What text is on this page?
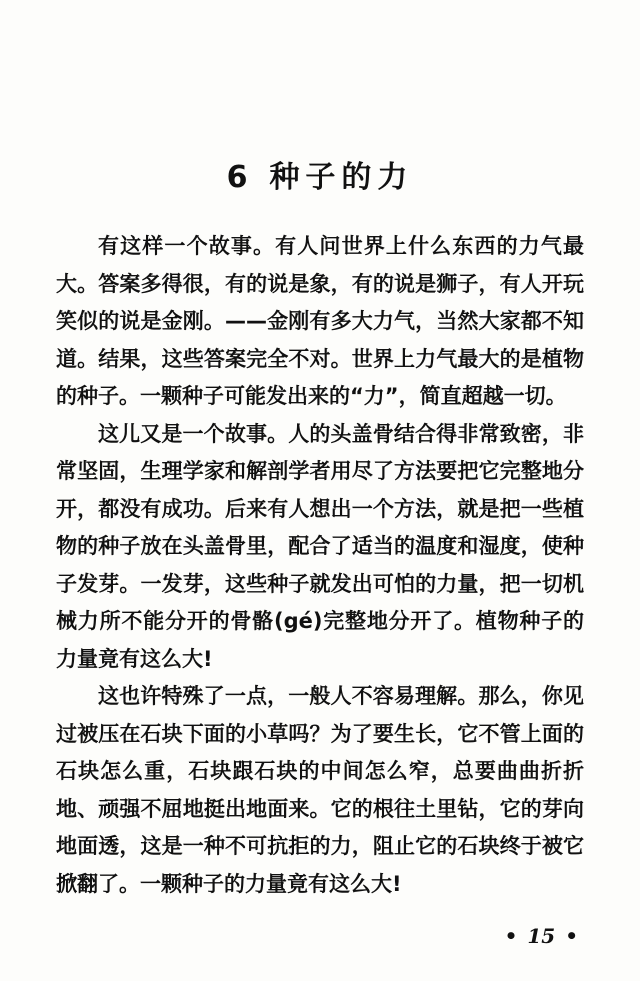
6 种子的力

有这样一个故事。有人问世界上什么东西的力气最大。答案多得很，有的说是象，有的说是狮子，有人开玩笑似的说是金刚。——金刚有多大力气，当然大家都不知道。结果，这些答案完全不对。世界上力气最大的是植物的种子。一颗种子可能发出来的“力”，简直超越一切。

这儿又是一个故事。人的头盖骨结合得非常致密，非常坚固，生理学家和解剖学者用尽了方法要把它完整地分开，都没有成功。后来有人想出一个方法，就是把一些植物的种子放在头盖骨里，配合了适当的温度和湿度，使种子发芽。一发芽，这些种子就发出可怕的力量，把一切机械力所不能分开的骨骼(gé)完整地分开了。植物种子的力量竟有这么大!

这也许特殊了一点，一般人不容易理解。那么，你见过被压在石块下面的小草吗？为了要生长，它不管上面的石块怎么重，石块跟石块的中间怎么窄，总要曲曲折折地、顽强不屈地挺出地面来。它的根往土里钻，它的芽向地面透，这是一种不可抗拒的力，阻止它的石块终于被它掀翻了。一颗种子的力量竟有这么大!

• 15 •
